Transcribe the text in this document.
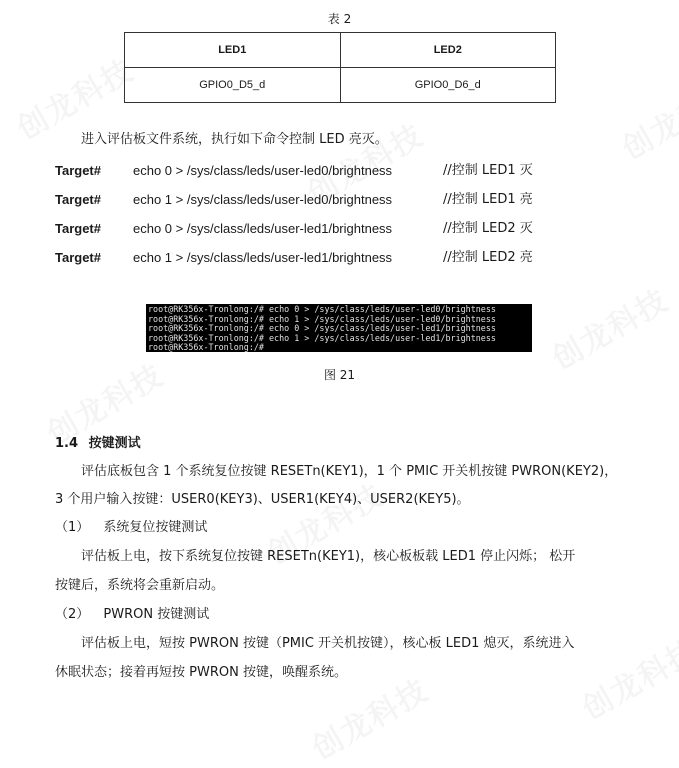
表 2
LED1	LED2
GPIO0_D5_d	GPIO0_D6_d
进入评估板文件系统，执行如下命令控制 LED 亮灭。
Target# echo 0 > /sys/class/leds/user-led0/brightness	//控制 LED1 灭
Target# echo 1 > /sys/class/leds/user-led0/brightness	//控制 LED1 亮
Target# echo 0 > /sys/class/leds/user-led1/brightness	//控制 LED2 灭
Target# echo 1 > /sys/class/leds/user-led1/brightness	//控制 LED2 亮
root@RK356x-Tronlong:/# echo 0 > /sys/class/leds/user-led0/brightness
root@RK356x-Tronlong:/# echo 1 > /sys/class/leds/user-led0/brightness
root@RK356x-Tronlong:/# echo 0 > /sys/class/leds/user-led1/brightness
root@RK356x-Tronlong:/# echo 1 > /sys/class/leds/user-led1/brightness
root@RK356x-Tronlong:/#
图 21
1.4 按键测试
评估底板包含 1 个系统复位按键 RESETn(KEY1)，1 个 PMIC 开关机按键 PWRON(KEY2)，
3 个用户输入按键：USER0(KEY3)、USER1(KEY4)、USER2(KEY5)。
（1） 系统复位按键测试
评估板上电，按下系统复位按键 RESETn(KEY1)，核心板板载 LED1 停止闪烁； 松开
按键后，系统将会重新启动。
（2） PWRON 按键测试
评估板上电，短按 PWRON 按键（PMIC 开关机按键），核心板 LED1 熄灭，系统进入
休眠状态；接着再短按 PWRON 按键，唤醒系统。
